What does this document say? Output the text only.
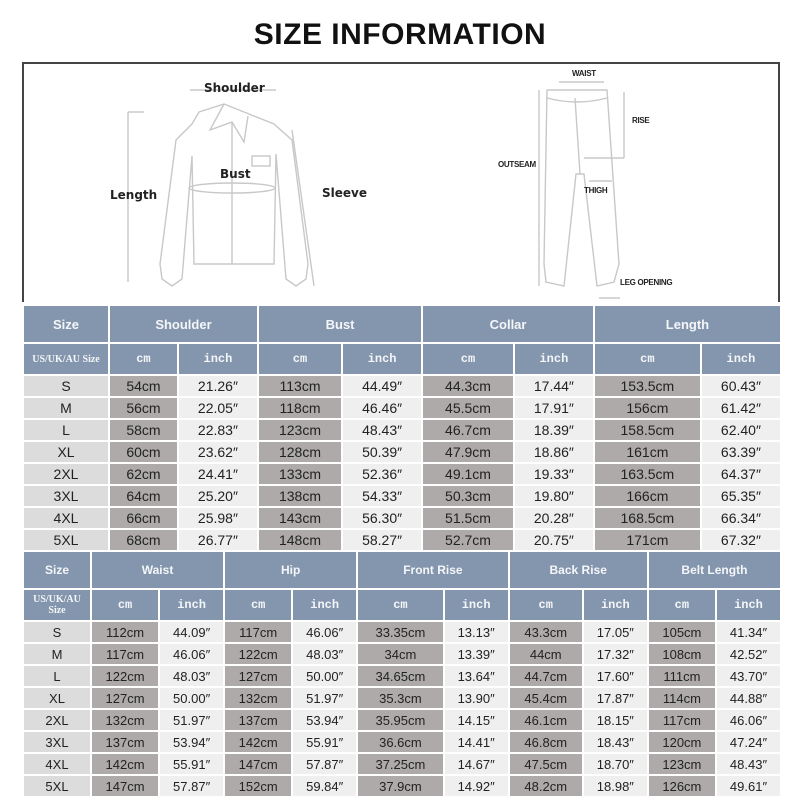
SIZE INFORMATION
Shoulder
Bust
Length	Sleeve
WAIST
RISE
OUTSEAM
THIGH
LEG OPENING
Size	Shoulder		Bust		Collar		Length	
US/UK/AU Size	cm	inch	cm	inch	cm	inch	cm	inch
S	54cm	21.26″	113cm	44.49″	44.3cm	17.44″	153.5cm	60.43″
M	56cm	22.05″	118cm	46.46″	45.5cm	17.91″	156cm	61.42″
L	58cm	22.83″	123cm	48.43″	46.7cm	18.39″	158.5cm	62.40″
XL	60cm	23.62″	128cm	50.39″	47.9cm	18.86″	161cm	63.39″
2XL	62cm	24.41″	133cm	52.36″	49.1cm	19.33″	163.5cm	64.37″
3XL	64cm	25.20″	138cm	54.33″	50.3cm	19.80″	166cm	65.35″
4XL	66cm	25.98″	143cm	56.30″	51.5cm	20.28″	168.5cm	66.34″
5XL	68cm	26.77″	148cm	58.27″	52.7cm	20.75″	171cm	67.32″
Size	Waist		Hip		Front Rise		Back Rise		Belt Length	
US/UK/AU Size	cm	inch	cm	inch	cm	inch	cm	inch	cm	inch
S	112cm	44.09″	117cm	46.06″	33.35cm	13.13″	43.3cm	17.05″	105cm	41.34″
M	117cm	46.06″	122cm	48.03″	34cm	13.39″	44cm	17.32″	108cm	42.52″
L	122cm	48.03″	127cm	50.00″	34.65cm	13.64″	44.7cm	17.60″	111cm	43.70″
XL	127cm	50.00″	132cm	51.97″	35.3cm	13.90″	45.4cm	17.87″	114cm	44.88″
2XL	132cm	51.97″	137cm	53.94″	35.95cm	14.15″	46.1cm	18.15″	117cm	46.06″
3XL	137cm	53.94″	142cm	55.91″	36.6cm	14.41″	46.8cm	18.43″	120cm	47.24″
4XL	142cm	55.91″	147cm	57.87″	37.25cm	14.67″	47.5cm	18.70″	123cm	48.43″
5XL	147cm	57.87″	152cm	59.84″	37.9cm	14.92″	48.2cm	18.98″	126cm	49.61″
